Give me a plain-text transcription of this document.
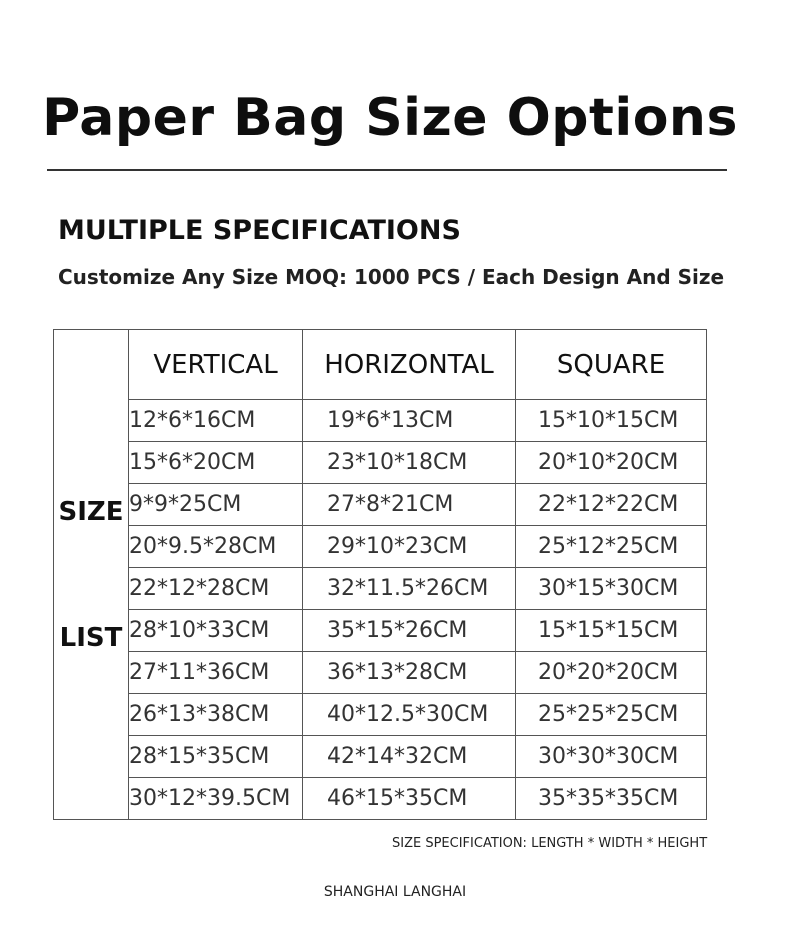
Paper Bag Size Options
MULTIPLE SPECIFICATIONS
Customize Any Size MOQ: 1000 PCS / Each Design And Size
SIZE
LIST	VERTICAL	HORIZONTAL	SQUARE
	12*6*16CM	19*6*13CM	15*10*15CM
	15*6*20CM	23*10*18CM	20*10*20CM
	9*9*25CM	27*8*21CM	22*12*22CM
	20*9.5*28CM	29*10*23CM	25*12*25CM
	22*12*28CM	32*11.5*26CM	30*15*30CM
	28*10*33CM	35*15*26CM	15*15*15CM
	27*11*36CM	36*13*28CM	20*20*20CM
	26*13*38CM	40*12.5*30CM	25*25*25CM
	28*15*35CM	42*14*32CM	30*30*30CM
	30*12*39.5CM	46*15*35CM	35*35*35CM
SIZE SPECIFICATION: LENGTH * WIDTH * HEIGHT
SHANGHAI LANGHAI
